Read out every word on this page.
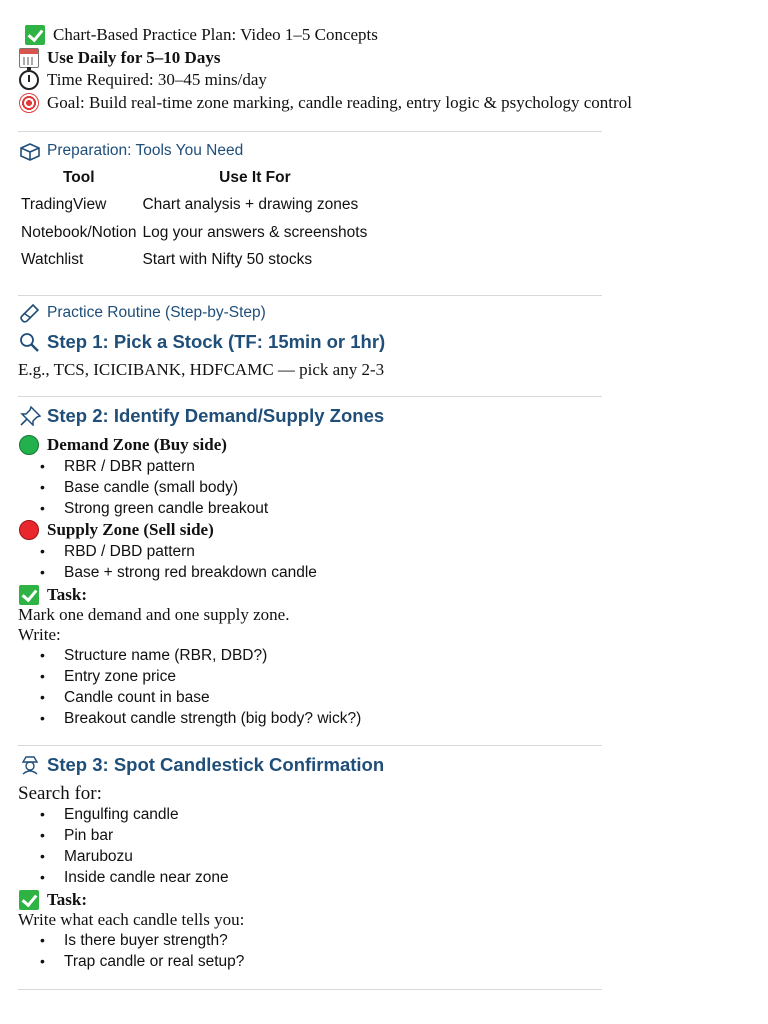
Chart-Based Practice Plan: Video 1–5 Concepts
Use Daily for 5–10 Days
Time Required: 30–45 mins/day
Goal: Build real-time zone marking, candle reading, entry logic & psychology control
Preparation: Tools You Need
Tool	Use It For
TradingView	Chart analysis + drawing zones
Notebook/Notion	Log your answers & screenshots
Watchlist	Start with Nifty 50 stocks
Practice Routine (Step-by-Step)
Step 1: Pick a Stock (TF: 15min or 1hr)
E.g., TCS, ICICIBANK, HDFCAMC — pick any 2-3
Step 2: Identify Demand/Supply Zones
Demand Zone (Buy side)
• RBR / DBR pattern
• Base candle (small body)
• Strong green candle breakout
Supply Zone (Sell side)
• RBD / DBD pattern
• Base + strong red breakdown candle
Task:
Mark one demand and one supply zone.
Write:
• Structure name (RBR, DBD?)
• Entry zone price
• Candle count in base
• Breakout candle strength (big body? wick?)
Step 3: Spot Candlestick Confirmation
Search for:
• Engulfing candle
• Pin bar
• Marubozu
• Inside candle near zone
Task:
Write what each candle tells you:
• Is there buyer strength?
• Trap candle or real setup?
